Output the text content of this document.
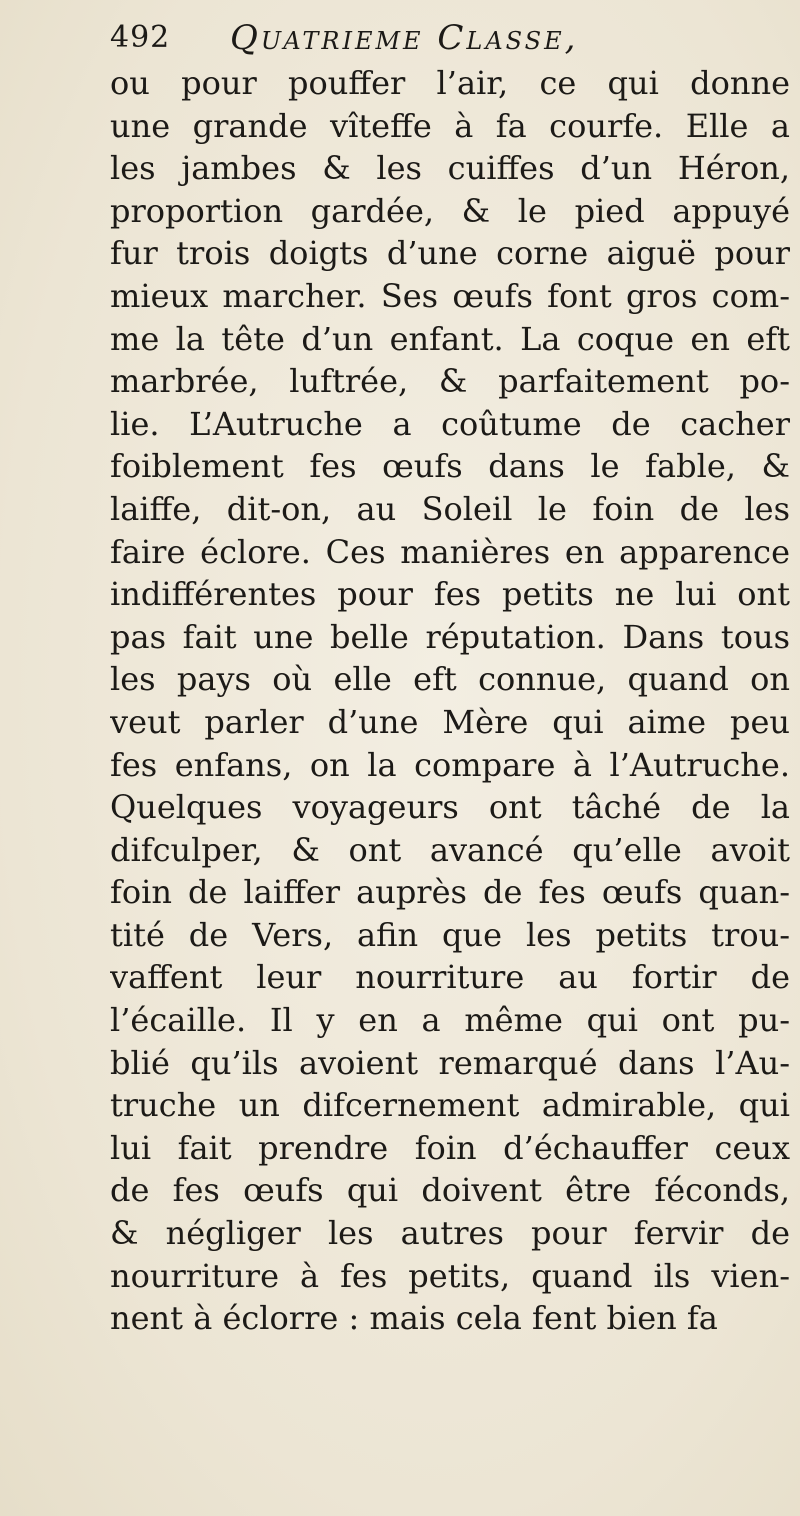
492 Quatrieme Classe,
ou pour pouffer l’air, ce qui donne
une grande vîteffe à fa courfe. Elle a
les jambes & les cuiffes d’un Héron,
proportion gardée, & le pied appuyé
fur trois doigts d’une corne aiguë pour
mieux marcher. Ses œufs font gros com-
me la tête d’un enfant. La coque en eft
marbrée, luftrée, & parfaitement po-
lie. L’Autruche a coûtume de cacher
foiblement fes œufs dans le fable, &
laiffe, dit-on, au Soleil le foin de les
faire éclore. Ces manières en apparence
indifférentes pour fes petits ne lui ont
pas fait une belle réputation. Dans tous
les pays où elle eft connue, quand on
veut parler d’une Mère qui aime peu
fes enfans, on la compare à l’Autruche.
Quelques voyageurs ont tâché de la
difculper, & ont avancé qu’elle avoit
foin de laiffer auprès de fes œufs quan-
tité de Vers, afin que les petits trou-
vaffent leur nourriture au fortir de
l’écaille. Il y en a même qui ont pu-
blié qu’ils avoient remarqué dans l’Au-
truche un difcernement admirable, qui
lui fait prendre foin d’échauffer ceux
de fes œufs qui doivent être féconds,
& négliger les autres pour fervir de
nourriture à fes petits, quand ils vien-
nent à éclorre : mais cela fent bien fa
